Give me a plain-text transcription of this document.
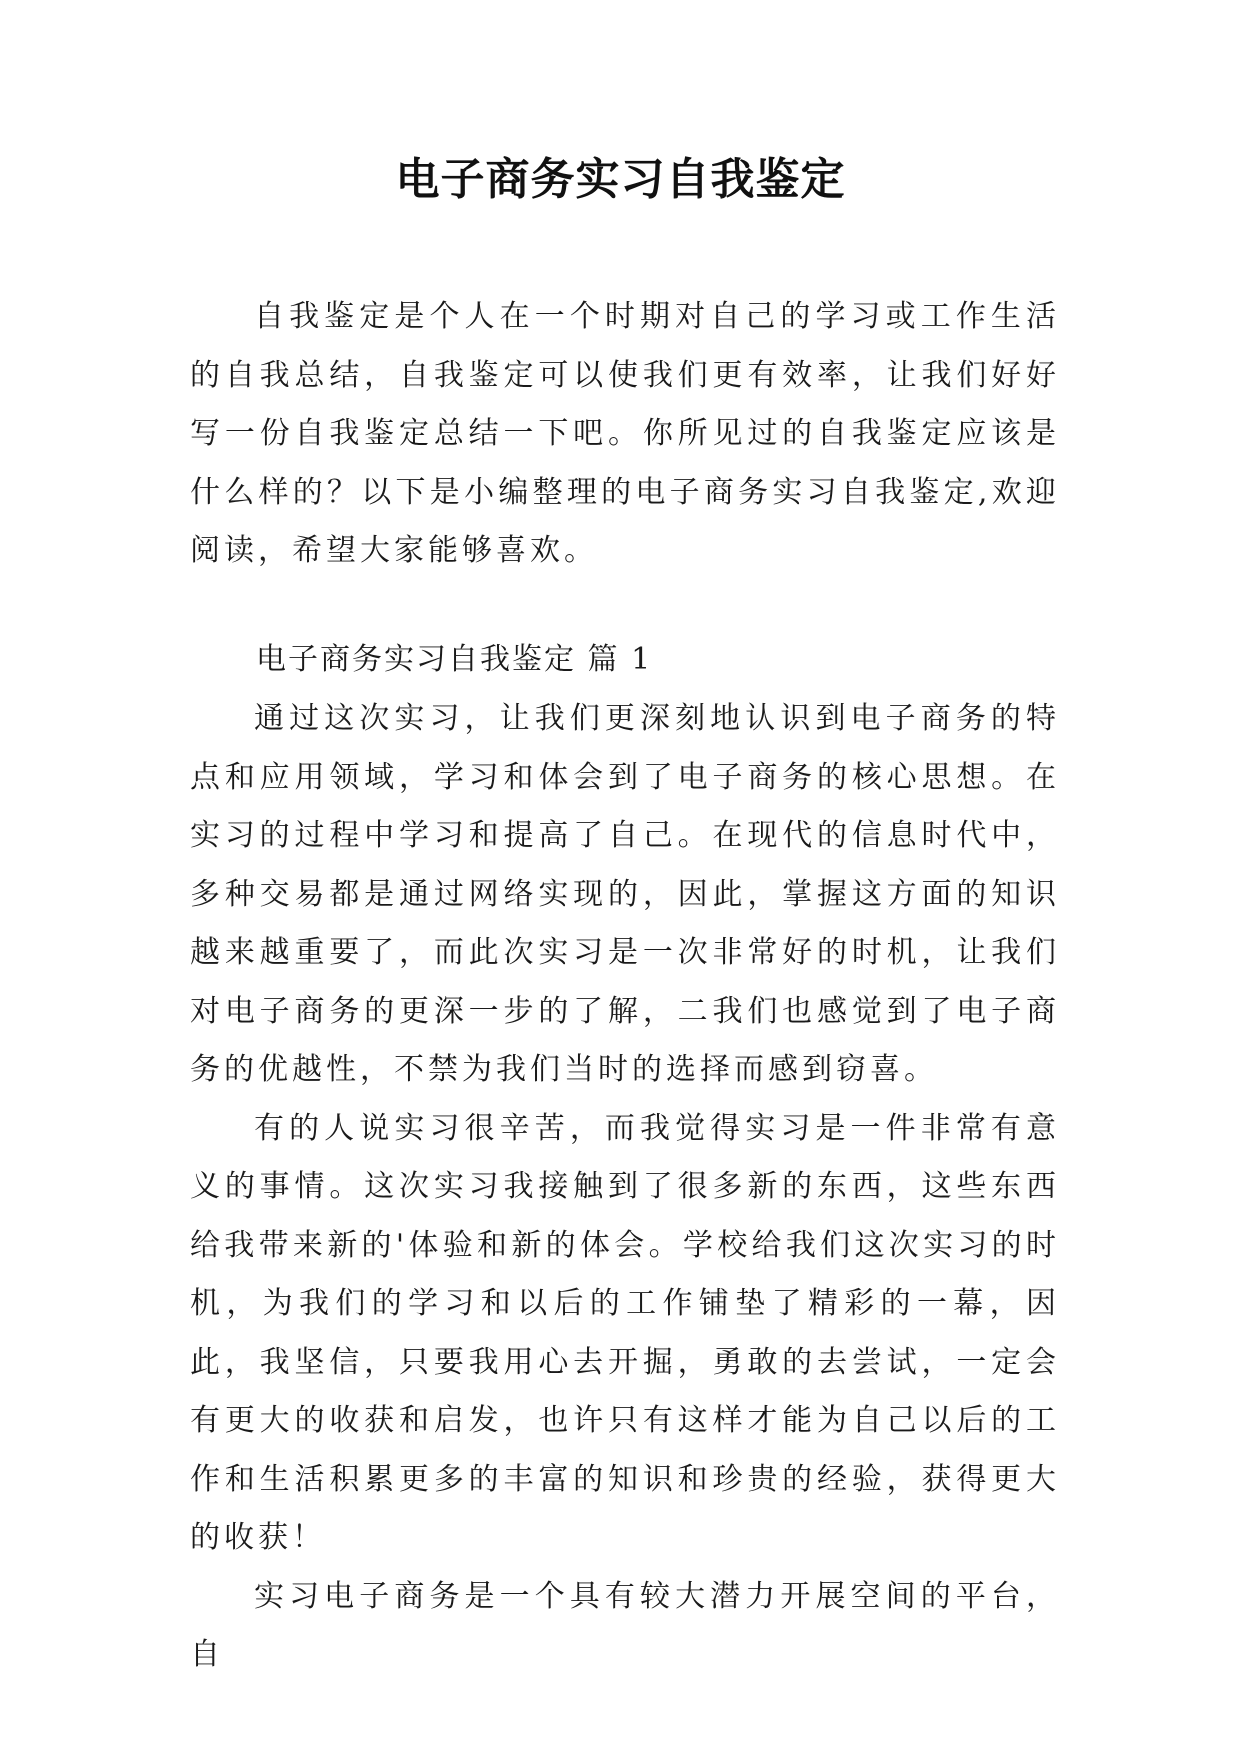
电子商务实习自我鉴定

自我鉴定是个人在一个时期对自己的学习或工作生活的自我总结，自我鉴定可以使我们更有效率，让我们好好写一份自我鉴定总结一下吧。你所见过的自我鉴定应该是什么样的？以下是小编整理的电子商务实习自我鉴定,欢迎阅读，希望大家能够喜欢。

电子商务实习自我鉴定 篇 1

通过这次实习，让我们更深刻地认识到电子商务的特点和应用领域，学习和体会到了电子商务的核心思想。在实习的过程中学习和提高了自己。在现代的信息时代中，多种交易都是通过网络实现的，因此，掌握这方面的知识越来越重要了，而此次实习是一次非常好的时机，让我们对电子商务的更深一步的了解，二我们也感觉到了电子商务的优越性，不禁为我们当时的选择而感到窃喜。

有的人说实习很辛苦，而我觉得实习是一件非常有意义的事情。这次实习我接触到了很多新的东西，这些东西给我带来新的'体验和新的体会。学校给我们这次实习的时机，为我们的学习和以后的工作铺垫了精彩的一幕，因此，我坚信，只要我用心去开掘，勇敢的去尝试，一定会有更大的收获和启发，也许只有这样才能为自己以后的工作和生活积累更多的丰富的知识和珍贵的经验，获得更大的收获！

实习电子商务是一个具有较大潜力开展空间的平台，自
